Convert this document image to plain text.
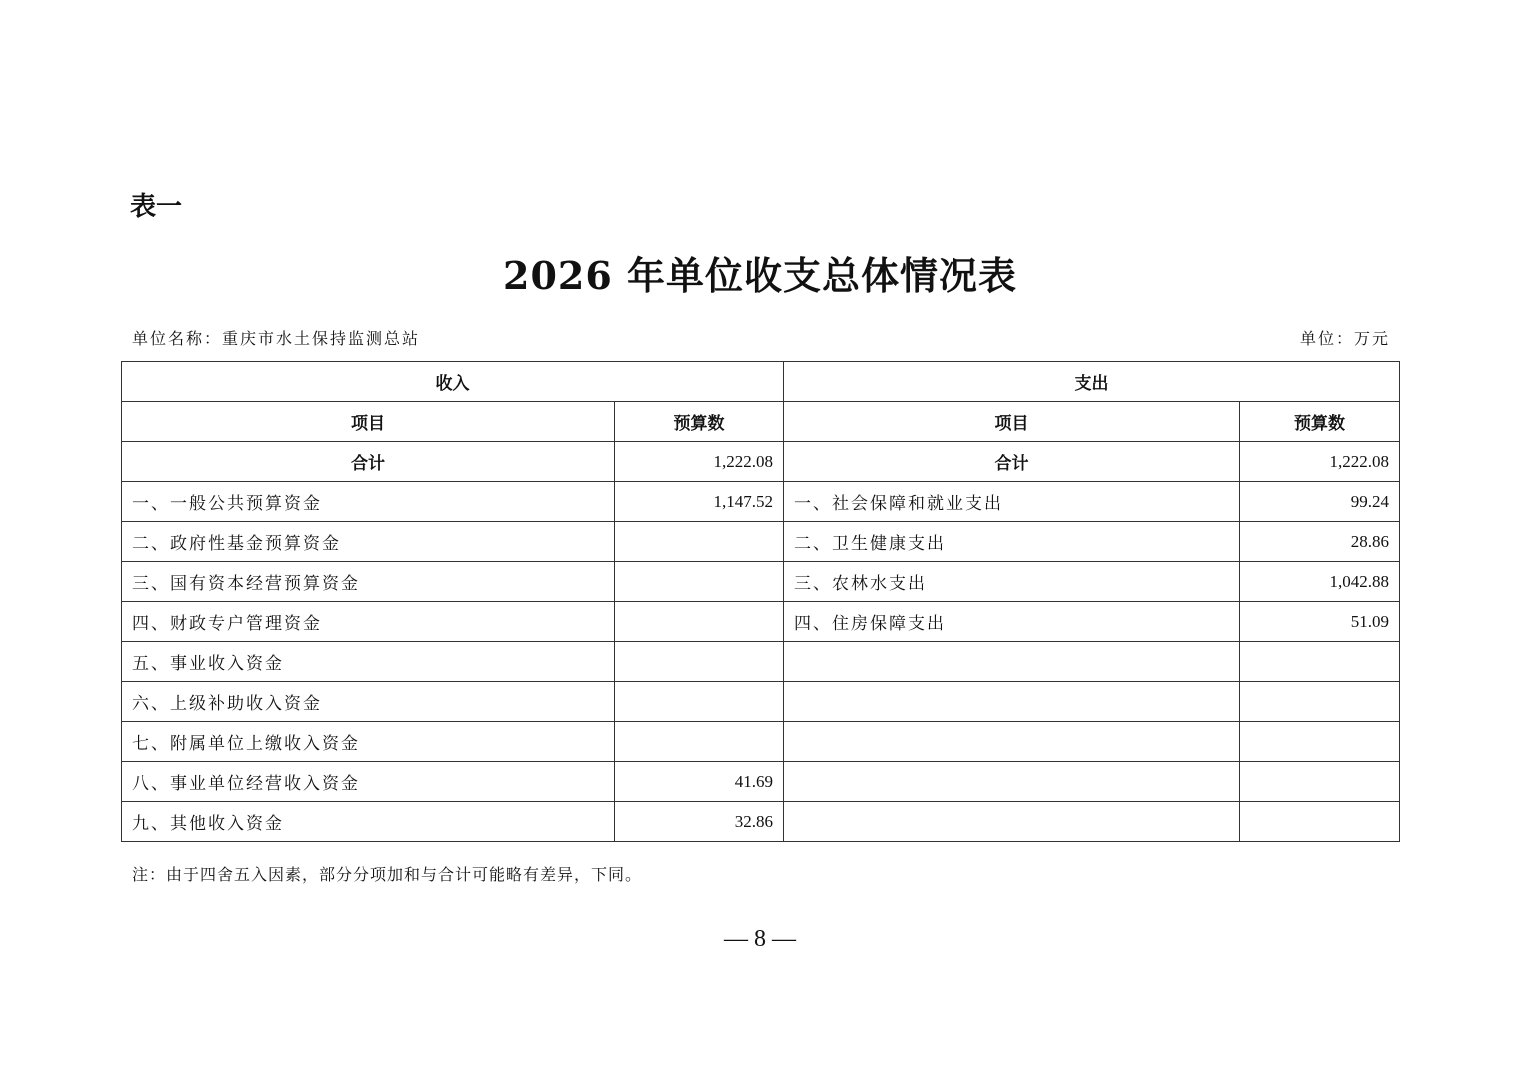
表一
2026 年单位收支总体情况表
单位名称：重庆市水土保持监测总站	单位：万元
收入		支出	
项目	预算数	项目	预算数
合计	1,222.08	合计	1,222.08
一、一般公共预算资金	1,147.52	一、社会保障和就业支出	99.24
二、政府性基金预算资金		二、卫生健康支出	28.86
三、国有资本经营预算资金		三、农林水支出	1,042.88
四、财政专户管理资金		四、住房保障支出	51.09
五、事业收入资金			
六、上级补助收入资金			
七、附属单位上缴收入资金			
八、事业单位经营收入资金	41.69		
九、其他收入资金	32.86		
注：由于四舍五入因素，部分分项加和与合计可能略有差异，下同。
— 8 —
